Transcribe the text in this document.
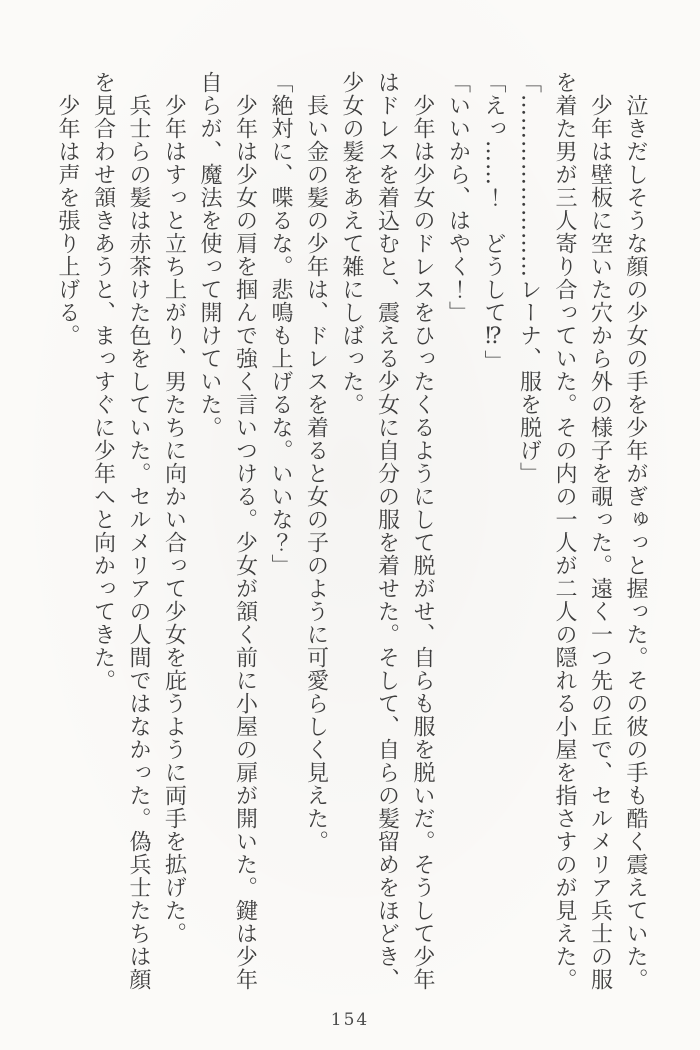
　泣きだしそうな顔の少女の手を少年がぎゅっと握った。その彼の手も酷く震えていた。

　少年は壁板に空いた穴から外の様子を覗った。遠く一つ先の丘で、セルメリア兵士の服

を着た男が三人寄り合っていた。その内の一人が二人の隠れる小屋を指さすのが見えた。

「……………………レーナ、服を脱げ」

「えっ……！　どうして⁉」

「いいから、はやく！」

　少年は少女のドレスをひったくるようにして脱がせ、自らも服を脱いだ。そうして少年

はドレスを着込むと、震える少女に自分の服を着せた。そして、自らの髪留めをほどき、

少女の髪をあえて雑にしばった。

　長い金の髪の少年は、ドレスを着ると女の子のように可愛らしく見えた。

「絶対に、喋るな。悲鳴も上げるな。いいな？」

　少年は少女の肩を掴んで強く言いつける。少女が頷く前に小屋の扉が開いた。鍵は少年

自らが、魔法を使って開けていた。

　少年はすっと立ち上がり、男たちに向かい合って少女を庇うように両手を拡げた。

　兵士らの髪は赤茶けた色をしていた。セルメリアの人間ではなかった。偽兵士たちは顔

を見合わせ頷きあうと、まっすぐに少年へと向かってきた。

　少年は声を張り上げる。

154
